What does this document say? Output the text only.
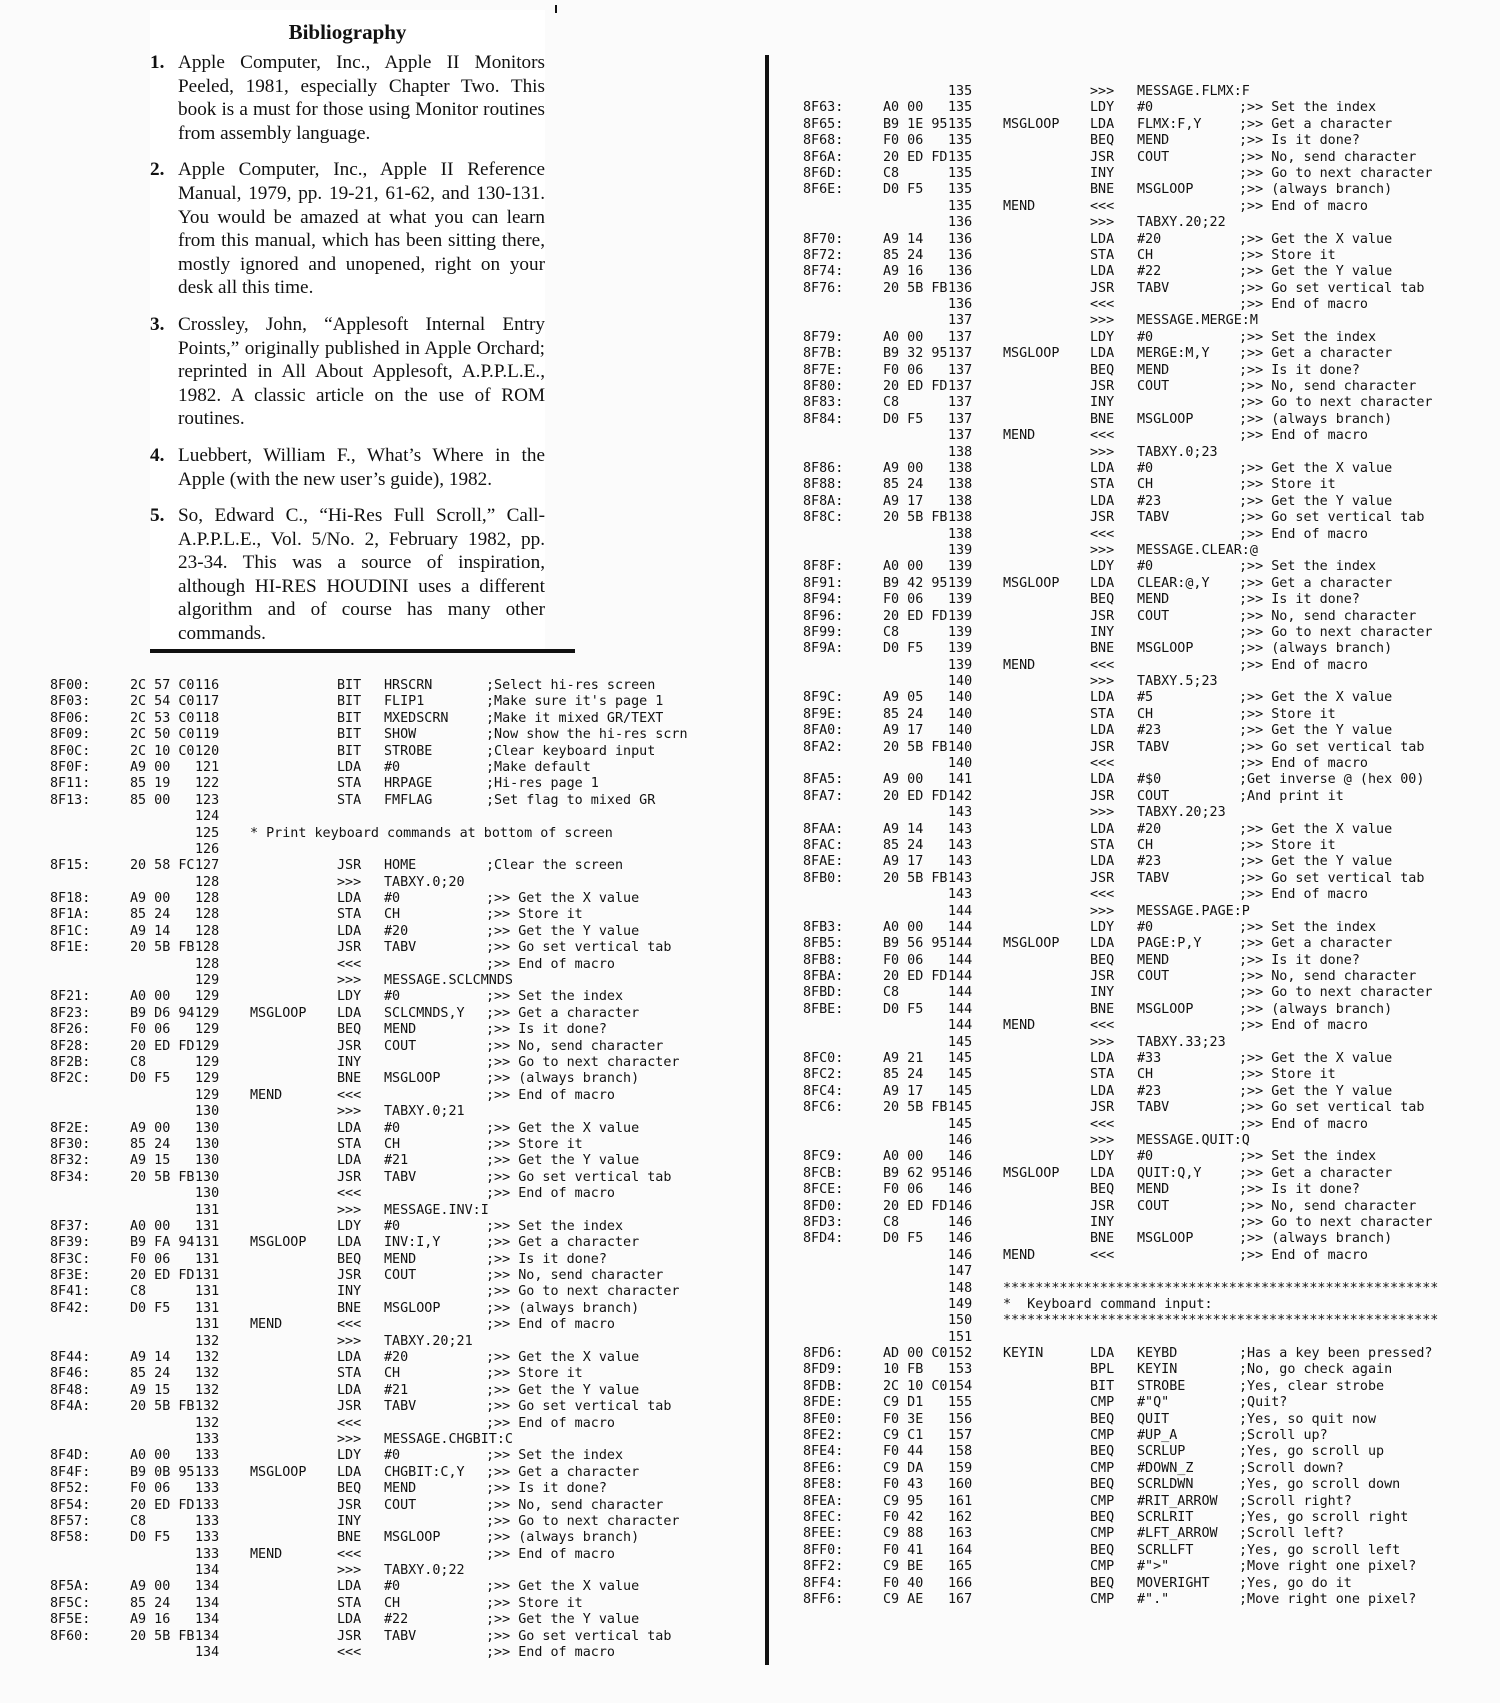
Bibliography
1. Apple Computer, Inc., Apple II Monitors Peeled, 1981, especially Chapter Two. This book is a must for those using Monitor routines from assembly language.
2. Apple Computer, Inc., Apple II Reference Manual, 1979, pp. 19-21, 61-62, and 130-131. You would be amazed at what you can learn from this manual, which has been sitting there, mostly ignored and unopened, right on your desk all this time.
3. Crossley, John, “Applesoft Internal Entry Points,” originally published in Apple Orchard; reprinted in All About Applesoft, A.P.P.L.E., 1982. A classic article on the use of ROM routines.
4. Luebbert, William F., What’s Where in the Apple (with the new user’s guide), 1982.
5. So, Edward C., “Hi-Res Full Scroll,” Call-A.P.P.L.E., Vol. 5/No. 2, February 1982, pp. 23-34. This was a source of inspiration, although HI-RES HOUDINI uses a different algorithm and of course has many other commands.
8F00:	2C 57 C0 116	BIT	HRSCRN	;Select hi-res screen
8F03:	2C 54 C0 117	BIT	FLIP1	;Make sure it's page 1
8F06:	2C 53 C0 118	BIT	MXEDSCRN	;Make it mixed GR/TEXT
8F09:	2C 50 C0 119	BIT	SHOW	;Now show the hi-res scrn
8F0C:	2C 10 C0 120	BIT	STROBE	;Clear keyboard input
8F0F:	A9 00	121	LDA	#0	;Make default
8F11:	85 19	122	STA	HRPAGE	;Hi-res page 1
8F13:	85 00	123	STA	FMFLAG	;Set flag to mixed GR
124
125	* Print keyboard commands at bottom of screen
126
8F15:	20 58 FC 127	JSR	HOME	;Clear the screen
128	>>>	TABXY.0;20
8F18:	A9 00	128	LDA	#0	;>> Get the X value
8F1A:	85 24	128	STA	CH	;>> Store it
8F1C:	A9 14	128	LDA	#20	;>> Get the Y value
8F1E:	20 5B FB 128	JSR	TABV	;>> Go set vertical tab
128	<<<	;>> End of macro
129	>>>	MESSAGE.SCLCMNDS
8F21:	A0 00	129	LDY	#0	;>> Set the index
8F23:	B9 D6 94 129	MSGLOOP	LDA	SCLCMNDS,Y	;>> Get a character
8F26:	F0 06	129	BEQ	MEND	;>> Is it done?
8F28:	20 ED FD 129	JSR	COUT	;>> No, send character
8F2B:	C8	129	INY	;>> Go to next character
8F2C:	D0 F5	129	BNE	MSGLOOP	;>> (always branch)
129	MEND	<<<	;>> End of macro
130	>>>	TABXY.0;21
8F2E:	A9 00	130	LDA	#0	;>> Get the X value
8F30:	85 24	130	STA	CH	;>> Store it
8F32:	A9 15	130	LDA	#21	;>> Get the Y value
8F34:	20 5B FB 130	JSR	TABV	;>> Go set vertical tab
130	<<<	;>> End of macro
131	>>>	MESSAGE.INV:I
8F37:	A0 00	131	LDY	#0	;>> Set the index
8F39:	B9 FA 94 131	MSGLOOP	LDA	INV:I,Y	;>> Get a character
8F3C:	F0 06	131	BEQ	MEND	;>> Is it done?
8F3E:	20 ED FD 131	JSR	COUT	;>> No, send character
8F41:	C8	131	INY	;>> Go to next character
8F42:	D0 F5	131	BNE	MSGLOOP	;>> (always branch)
131	MEND	<<<	;>> End of macro
132	>>>	TABXY.20;21
8F44:	A9 14	132	LDA	#20	;>> Get the X value
8F46:	85 24	132	STA	CH	;>> Store it
8F48:	A9 15	132	LDA	#21	;>> Get the Y value
8F4A:	20 5B FB 132	JSR	TABV	;>> Go set vertical tab
132	<<<	;>> End of macro
133	>>>	MESSAGE.CHGBIT:C
8F4D:	A0 00	133	LDY	#0	;>> Set the index
8F4F:	B9 0B 95 133	MSGLOOP	LDA	CHGBIT:C,Y	;>> Get a character
8F52:	F0 06	133	BEQ	MEND	;>> Is it done?
8F54:	20 ED FD 133	JSR	COUT	;>> No, send character
8F57:	C8	133	INY	;>> Go to next character
8F58:	D0 F5	133	BNE	MSGLOOP	;>> (always branch)
133	MEND	<<<	;>> End of macro
134	>>>	TABXY.0;22
8F5A:	A9 00	134	LDA	#0	;>> Get the X value
8F5C:	85 24	134	STA	CH	;>> Store it
8F5E:	A9 16	134	LDA	#22	;>> Get the Y value
8F60:	20 5B FB 134	JSR	TABV	;>> Go set vertical tab
134	<<<	;>> End of macro
135	>>>	MESSAGE.FLMX:F
8F63:	A0 00	135	LDY	#0	;>> Set the index
8F65:	B9 1E 95 135	MSGLOOP	LDA	FLMX:F,Y	;>> Get a character
8F68:	F0 06	135	BEQ	MEND	;>> Is it done?
8F6A:	20 ED FD 135	JSR	COUT	;>> No, send character
8F6D:	C8	135	INY	;>> Go to next character
8F6E:	D0 F5	135	BNE	MSGLOOP	;>> (always branch)
135	MEND	<<<	;>> End of macro
136	>>>	TABXY.20;22
8F70:	A9 14	136	LDA	#20	;>> Get the X value
8F72:	85 24	136	STA	CH	;>> Store it
8F74:	A9 16	136	LDA	#22	;>> Get the Y value
8F76:	20 5B FB 136	JSR	TABV	;>> Go set vertical tab
136	<<<	;>> End of macro
137	>>>	MESSAGE.MERGE:M
8F79:	A0 00	137	LDY	#0	;>> Set the index
8F7B:	B9 32 95 137	MSGLOOP	LDA	MERGE:M,Y	;>> Get a character
8F7E:	F0 06	137	BEQ	MEND	;>> Is it done?
8F80:	20 ED FD 137	JSR	COUT	;>> No, send character
8F83:	C8	137	INY	;>> Go to next character
8F84:	D0 F5	137	BNE	MSGLOOP	;>> (always branch)
137	MEND	<<<	;>> End of macro
138	>>>	TABXY.0;23
8F86:	A9 00	138	LDA	#0	;>> Get the X value
8F88:	85 24	138	STA	CH	;>> Store it
8F8A:	A9 17	138	LDA	#23	;>> Get the Y value
8F8C:	20 5B FB 138	JSR	TABV	;>> Go set vertical tab
138	<<<	;>> End of macro
139	>>>	MESSAGE.CLEAR:@
8F8F:	A0 00	139	LDY	#0	;>> Set the index
8F91:	B9 42 95 139	MSGLOOP	LDA	CLEAR:@,Y	;>> Get a character
8F94:	F0 06	139	BEQ	MEND	;>> Is it done?
8F96:	20 ED FD 139	JSR	COUT	;>> No, send character
8F99:	C8	139	INY	;>> Go to next character
8F9A:	D0 F5	139	BNE	MSGLOOP	;>> (always branch)
139	MEND	<<<	;>> End of macro
140	>>>	TABXY.5;23
8F9C:	A9 05	140	LDA	#5	;>> Get the X value
8F9E:	85 24	140	STA	CH	;>> Store it
8FA0:	A9 17	140	LDA	#23	;>> Get the Y value
8FA2:	20 5B FB 140	JSR	TABV	;>> Go set vertical tab
140	<<<	;>> End of macro
8FA5:	A9 00	141	LDA	#$0	;Get inverse @ (hex 00)
8FA7:	20 ED FD 142	JSR	COUT	;And print it
143	>>>	TABXY.20;23
8FAA:	A9 14	143	LDA	#20	;>> Get the X value
8FAC:	85 24	143	STA	CH	;>> Store it
8FAE:	A9 17	143	LDA	#23	;>> Get the Y value
8FB0:	20 5B FB 143	JSR	TABV	;>> Go set vertical tab
143	<<<	;>> End of macro
144	>>>	MESSAGE.PAGE:P
8FB3:	A0 00	144	LDY	#0	;>> Set the index
8FB5:	B9 56 95 144	MSGLOOP	LDA	PAGE:P,Y	;>> Get a character
8FB8:	F0 06	144	BEQ	MEND	;>> Is it done?
8FBA:	20 ED FD 144	JSR	COUT	;>> No, send character
8FBD:	C8	144	INY	;>> Go to next character
8FBE:	D0 F5	144	BNE	MSGLOOP	;>> (always branch)
144	MEND	<<<	;>> End of macro
145	>>>	TABXY.33;23
8FC0:	A9 21	145	LDA	#33	;>> Get the X value
8FC2:	85 24	145	STA	CH	;>> Store it
8FC4:	A9 17	145	LDA	#23	;>> Get the Y value
8FC6:	20 5B FB 145	JSR	TABV	;>> Go set vertical tab
145	<<<	;>> End of macro
146	>>>	MESSAGE.QUIT:Q
8FC9:	A0 00	146	LDY	#0	;>> Set the index
8FCB:	B9 62 95 146	MSGLOOP	LDA	QUIT:Q,Y	;>> Get a character
8FCE:	F0 06	146	BEQ	MEND	;>> Is it done?
8FD0:	20 ED FD 146	JSR	COUT	;>> No, send character
8FD3:	C8	146	INY	;>> Go to next character
8FD4:	D0 F5	146	BNE	MSGLOOP	;>> (always branch)
146	MEND	<<<	;>> End of macro
147
148	******************************************************
149	*  Keyboard command input:
150	******************************************************
151
8FD6:	AD 00 C0 152	KEYIN	LDA	KEYBD	;Has a key been pressed?
8FD9:	10 FB	153	BPL	KEYIN	;No, go check again
8FDB:	2C 10 C0 154	BIT	STROBE	;Yes, clear strobe
8FDE:	C9 D1	155	CMP	#"Q"	;Quit?
8FE0:	F0 3E	156	BEQ	QUIT	;Yes, so quit now
8FE2:	C9 C1	157	CMP	#UP_A	;Scroll up?
8FE4:	F0 44	158	BEQ	SCRLUP	;Yes, go scroll up
8FE6:	C9 DA	159	CMP	#DOWN_Z	;Scroll down?
8FE8:	F0 43	160	BEQ	SCRLDWN	;Yes, go scroll down
8FEA:	C9 95	161	CMP	#RIT_ARROW	;Scroll right?
8FEC:	F0 42	162	BEQ	SCRLRIT	;Yes, go scroll right
8FEE:	C9 88	163	CMP	#LFT_ARROW	;Scroll left?
8FF0:	F0 41	164	BEQ	SCRLLFT	;Yes, go scroll left
8FF2:	C9 BE	165	CMP	#">"	;Move right one pixel?
8FF4:	F0 40	166	BEQ	MOVERIGHT	;Yes, go do it
8FF6:	C9 AE	167	CMP	#"."	;Move right one pixel?
